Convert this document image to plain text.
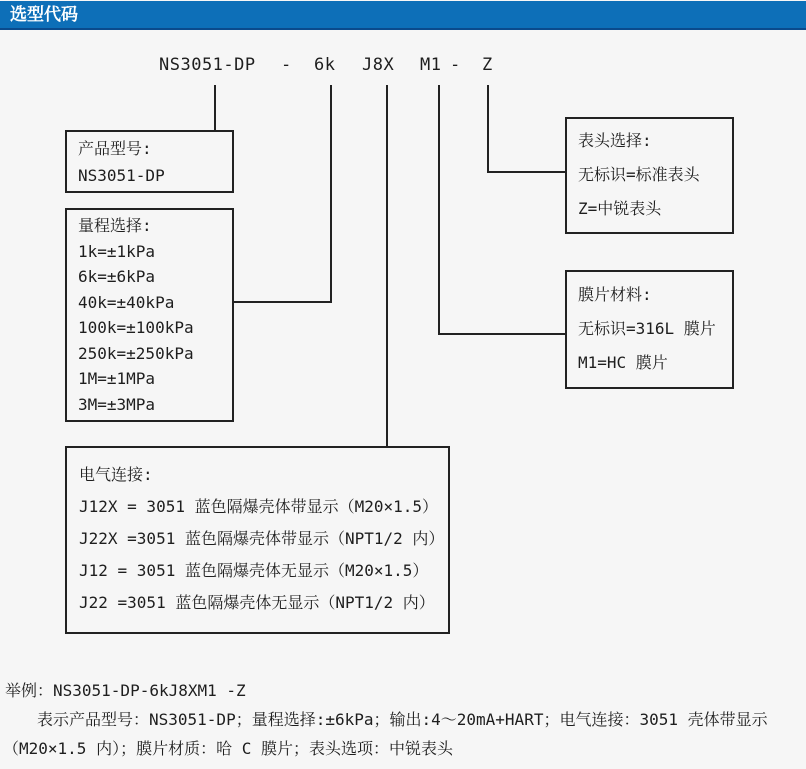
选型代码
NS3051-DP - 6k J8X M1 - Z
产品型号:
NS3051-DP
量程选择:
1k=±1kPa
6k=±6kPa
40k=±40kPa
100k=±100kPa
250k=±250kPa
1M=±1MPa
3M=±3MPa
电气连接:
J12X = 3051 蓝色隔爆壳体带显示（M20×1.5）
J22X =3051 蓝色隔爆壳体带显示（NPT1/2 内）
J12 = 3051 蓝色隔爆壳体无显示（M20×1.5）
J22 =3051 蓝色隔爆壳体无显示（NPT1/2 内）
表头选择:
无标识=标准表头
Z=中锐表头
膜片材料:
无标识=316L 膜片
M1=HC 膜片
举例：NS3051-DP-6kJ8XM1 -Z
表示产品型号：NS3051-DP；量程选择:±6kPa；输出:4～20mA+HART；电气连接：3051 壳体带显示
（M20×1.5 内）；膜片材质：哈 C 膜片；表头选项：中锐表头
